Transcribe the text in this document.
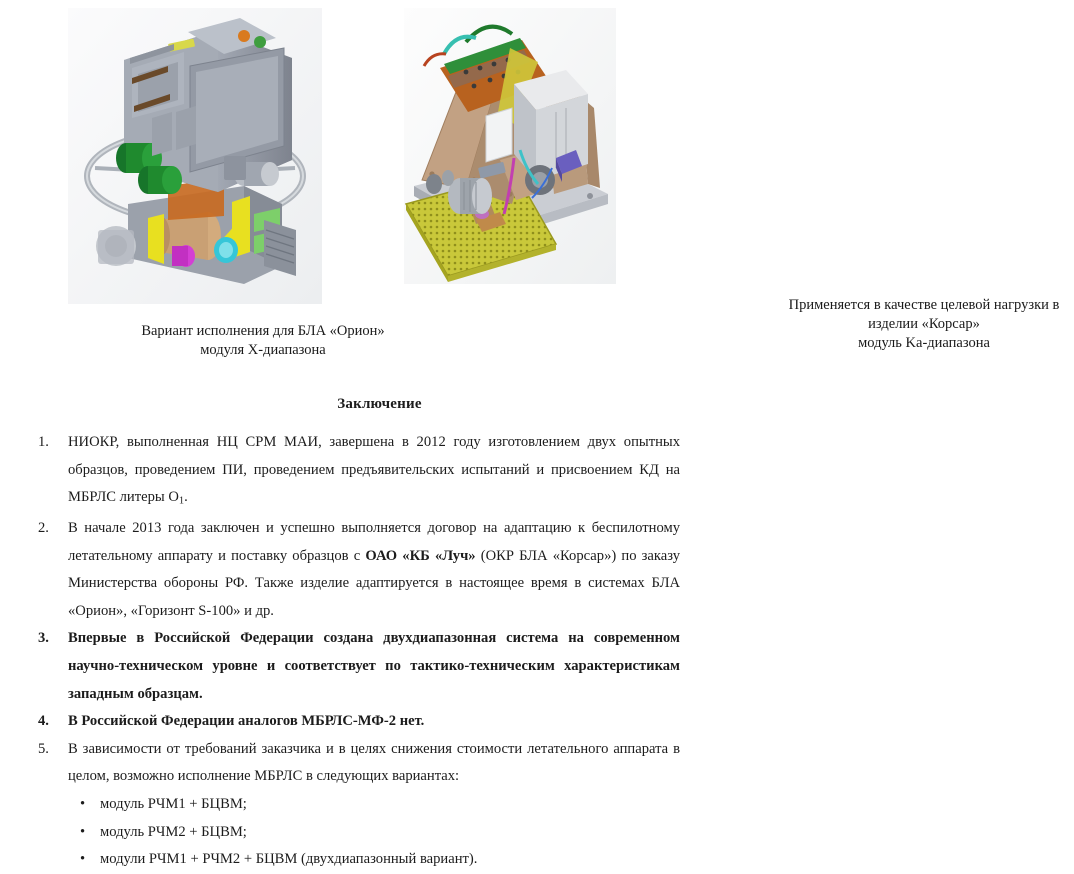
Вариант исполнения для БЛА «Орион»
модуля X-диапазона
Применяется в качестве целевой нагрузки в
изделии «Корсар»
модуль Ka-диапазона
Заключение
1.	НИОКР, выполненная НЦ СРМ МАИ, завершена в 2012 году изготовлением двух опытных образцов, проведением ПИ, проведением предъявительских испытаний и присвоением КД на МБРЛС литеры $О_1$.
2.	В начале 2013 года заключен и успешно выполняется договор на адаптацию к беспилотному летательному аппарату и поставку образцов с ОАО «КБ «Луч» (ОКР БЛА «Корсар») по заказу Министерства обороны РФ. Также изделие адаптируется в настоящее время в системах БЛА «Орион», «Горизонт S-100» и др.
3.	Впервые в Российской Федерации создана двухдиапазонная система на современном научно-техническом уровне и соответствует по тактико-техническим характеристикам западным образцам.
4.	В Российской Федерации аналогов МБРЛС-МФ-2 нет.
5.	В зависимости от требований заказчика и в целях снижения стоимости летательного аппарата в целом, возможно исполнение МБРЛС в следующих вариантах:
• модуль РЧМ1 + БЦВМ;
• модуль РЧМ2 + БЦВМ;
• модули РЧМ1 + РЧМ2 + БЦВМ (двухдиапазонный вариант).
